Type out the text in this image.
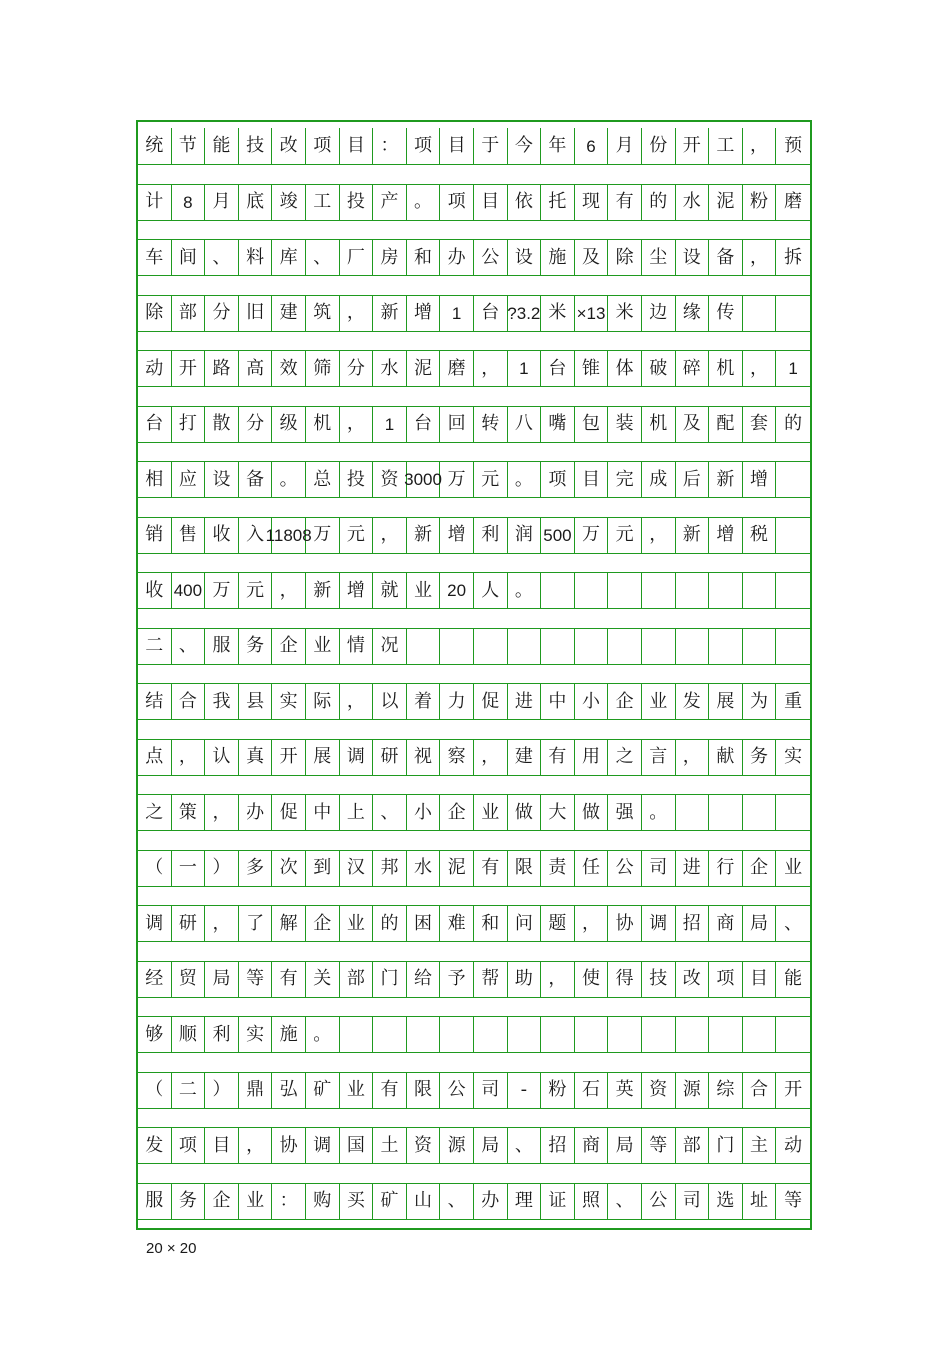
统 节 能 技 改 项 目 ： 项 目 于 今 年	6	月 份 开 工 ， 预
计	8	月 底 竣 工 投 产 。 项 目 依 托 现 有 的 水 泥 粉 磨
车 间 、 料 库 、 厂 房 和 办 公 设 施 及 除 尘 设 备 ， 拆
除 部 分 旧 建 筑 ， 新 增	1	台 ?3.2 米 ×13 米 边 缘 传
动 开 路 高 效 筛 分 水 泥 磨 ，	1	台 锥 体 破 碎 机 ，	1
台 打 散 分 级 机 ，	1	台 回 转 八 嘴 包 装 机 及 配 套 的
相 应 设 备 。 总 投 资 3000 万 元 。 项 目 完 成 后 新 增
销 售 收 入 11808 万 元 ， 新 增 利 润 500 万 元 ， 新 增 税
收 400 万 元 ， 新 增 就 业 20 人 。
二 、 服 务 企 业 情 况
结 合 我 县 实 际 ， 以 着 力 促 进 中 小 企 业 发 展 为 重
点 ， 认 真 开 展 调 研 视 察 ， 建 有 用 之 言 ， 献 务 实
之 策 ， 办 促 中 上 、 小 企 业 做 大 做 强 。
（ 一 ） 多 次 到 汉 邦 水 泥 有 限 责 任 公 司 进 行 企 业
调 研 ， 了 解 企 业 的 困 难 和 问 题 ， 协 调 招 商 局 、
经 贸 局 等 有 关 部 门 给 予 帮 助 ， 使 得 技 改 项 目 能
够 顺 利 实 施 。
（ 二 ） 鼎 弘 矿 业 有 限 公 司	-	粉 石 英 资 源 综 合 开
发 项 目 ， 协 调 国 土 资 源 局 、 招 商 局 等 部 门 主 动
服 务 企 业 ： 购 买 矿 山 、 办 理 证 照 、 公 司 选 址 等
20 × 20
